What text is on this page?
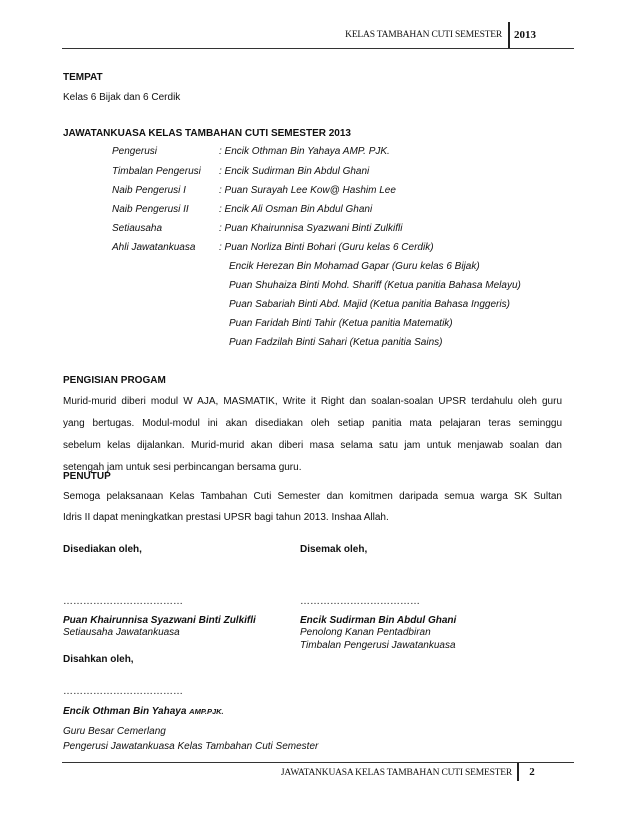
KELAS TAMBAHAN CUTI SEMESTER 2013
TEMPAT
Kelas 6 Bijak dan 6 Cerdik
JAWATANKUASA KELAS TAMBAHAN CUTI SEMESTER 2013
Pengerusi	: Encik Othman Bin Yahaya AMP. PJK.
Timbalan Pengerusi : Encik Sudirman Bin Abdul Ghani
Naib Pengerusi I	: Puan Surayah Lee Kow@ Hashim Lee
Naib Pengerusi II	: Encik Ali Osman Bin Abdul Ghani
Setiausaha	: Puan Khairunnisa Syazwani Binti Zulkifli
Ahli Jawatankuasa : Puan Norliza Binti Bohari (Guru kelas 6 Cerdik)
Encik Herezan Bin Mohamad Gapar (Guru kelas 6 Bijak)
Puan Shuhaiza Binti Mohd. Shariff (Ketua panitia Bahasa Melayu)
Puan Sabariah Binti Abd. Majid (Ketua panitia Bahasa Inggeris)
Puan Faridah Binti Tahir (Ketua panitia Matematik)
Puan Fadzilah Binti Sahari (Ketua panitia Sains)
PENGISIAN PROGAM
Murid-murid diberi modul W AJA, MASMATIK, Write it Right dan soalan-soalan UPSR terdahulu oleh guru
yang bertugas. Modul-modul ini akan disediakan oleh setiap panitia mata pelajaran teras seminggu
sebelum kelas dijalankan. Murid-murid akan diberi masa selama satu jam untuk menjawab soalan dan
setengah jam untuk sesi perbincangan bersama guru.
PENUTUP
Semoga pelaksanaan Kelas Tambahan Cuti Semester dan komitmen daripada semua warga SK Sultan
Idris II dapat meningkatkan prestasi UPSR bagi tahun 2013. Inshaa Allah.
Disediakan oleh,	Disemak oleh,
………………………………	………………………………
Puan Khairunnisa Syazwani Binti Zulkifli
Setiausaha Jawatankuasa
Encik Sudirman Bin Abdul Ghani
Penolong Kanan Pentadbiran
Timbalan Pengerusi Jawatankuasa
Disahkan oleh,
………………………………
Encik Othman Bin Yahaya AMP.PJK.
Guru Besar Cemerlang
Pengerusi Jawatankuasa Kelas Tambahan Cuti Semester
JAWATANKUASA KELAS TAMBAHAN CUTI SEMESTER	2
